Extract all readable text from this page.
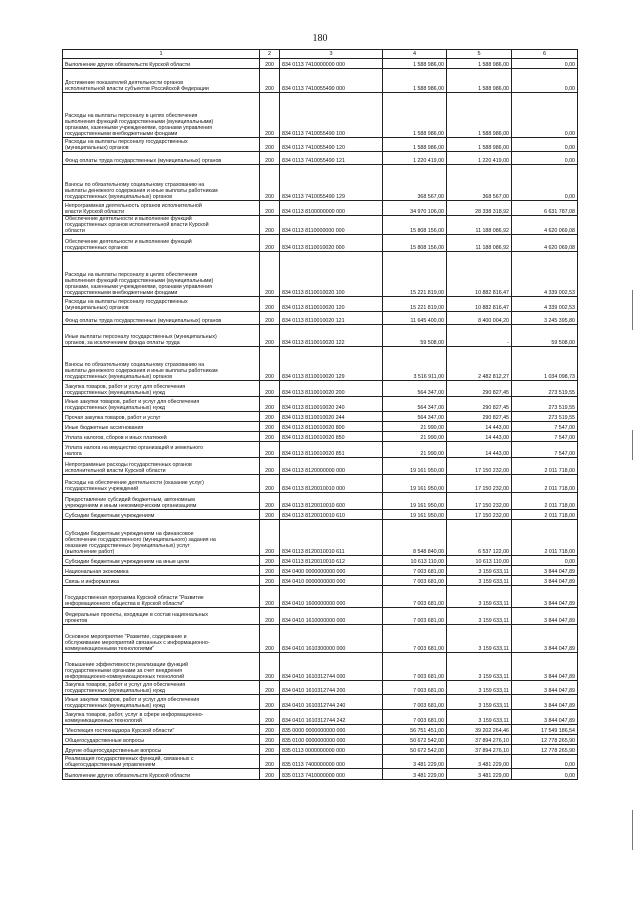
180
1	2	3	4	5	6
Выполнение других обязательств Курской области	200	834 0113 7410000000 000	1 588 986,00	1 588 986,00	0,00
Достижение показателей деятельности органов
исполнительной власти субъектов Российской Федерации	200	834 0113 7410055490 000	1 588 986,00	1 588 986,00	0,00
Расходы на выплаты персоналу в целях обеспечения
выполнения функций государственными (муниципальными)
органами, казенными учреждениями, органами управления
государственными внебюджетными фондами	200	834 0113 7410055490 100	1 588 986,00	1 588 986,00	0,00
Расходы на выплаты персоналу государственных
(муниципальных) органов	200	834 0113 7410055490 120	1 588 986,00	1 588 986,00	0,00
Фонд оплаты труда государственных (муниципальных) органов	200	834 0113 7410055490 121	1 220 419,00	1 220 419,00	0,00
Взносы по обязательному социальному страхованию на
выплаты денежного содержания и иные выплаты работникам
государственных (муниципальных) органов	200	834 0113 7410055490 129	368 567,00	368 567,00	0,00
Непрограммная деятельность органов исполнительной
власти Курской области	200	834 0113 8100000000 000	34 970 106,00	28 338 318,92	6 631 787,08
Обеспечение деятельности и выполнение функций
государственных органов исполнительной власти Курской
области	200	834 0113 8110000000 000	15 808 156,00	11 188 086,92	4 620 069,08
Обеспечение деятельности и выполнение функций
государственных органов	200	834 0113 8110010020 000	15 808 156,00	11 188 086,92	4 620 069,08
Расходы на выплаты персоналу в целях обеспечения
выполнения функций государственными (муниципальными)
органами, казенными учреждениями, органами управления
государственными внебюджетными фондами	200	834 0113 8110010020 100	15 221 819,00	10 882 816,47	4 339 002,53
Расходы на выплаты персоналу государственных
(муниципальных) органов	200	834 0113 8110010020 120	15 221 819,00	10 882 816,47	4 339 002,53
Фонд оплаты труда государственных (муниципальных) органов	200	834 0113 8110010020 121	11 645 400,00	8 400 004,20	3 245 395,80
Иные выплаты персоналу государственных (муниципальных)
органов, за исключением фонда оплаты труда	200	834 0113 8110010020 122	59 508,00	-	59 508,00
Взносы по обязательному социальному страхованию на
выплаты денежного содержания и иные выплаты работникам
государственных (муниципальных) органов	200	834 0113 8110010020 129	3 516 911,00	2 482 812,27	1 034 098,73
Закупка товаров, работ и услуг для обеспечения
государственных (муниципальных) нужд	200	834 0113 8110010020 200	564 347,00	290 827,45	273 519,55
Иные закупки товаров, работ и услуг для обеспечения
государственных (муниципальных) нужд	200	834 0113 8110010020 240	564 347,00	290 827,45	273 519,55
Прочая закупка товаров, работ и услуг	200	834 0113 8110010020 244	564 347,00	290 827,45	273 519,55
Иные бюджетные ассигнования	200	834 0113 8110010020 800	21 990,00	14 443,00	7 547,00
Уплата налогов, сборов и иных платежей	200	834 0113 8110010020 850	21 990,00	14 443,00	7 547,00
Уплата налога на имущество организаций и земельного
налога	200	834 0113 8110010020 851	21 990,00	14 443,00	7 547,00
Непрограммные расходы государственных органов
исполнительной власти Курской области	200	834 0113 8120000000 000	19 161 950,00	17 150 232,00	2 011 718,00
Расходы на обеспечение деятельности (оказание услуг)
государственных учреждений	200	834 0113 8120010010 000	19 161 950,00	17 150 232,00	2 011 718,00
Предоставление субсидий бюджетным, автономным
учреждениям и иным некоммерческим организациям	200	834 0113 8120010010 600	19 161 950,00	17 150 232,00	2 011 718,00
Субсидии бюджетным учреждениям	200	834 0113 8120010010 610	19 161 950,00	17 150 232,00	2 011 718,00
Субсидии бюджетным учреждениям на финансовое
обеспечение государственного (муниципального) задания на
оказание государственных (муниципальных) услуг
(выполнение работ)	200	834 0113 8120010010 611	8 548 840,00	6 537 122,00	2 011 718,00
Субсидии бюджетным учреждениям на иные цели	200	834 0113 8120010010 612	10 613 110,00	10 613 110,00	0,00
Национальная экономика	200	834 0400 0000000000 000	7 003 681,00	3 159 633,11	3 844 047,89
Связь и информатика	200	834 0410 0000000000 000	7 003 681,00	3 159 633,11	3 844 047,89
Государственная программа Курской области "Развитие
информационного общества в Курской области"	200	834 0410 1600000000 000	7 003 681,00	3 159 633,11	3 844 047,89
Федеральные проекты, входящие в состав национальных
проектов	200	834 0410 1610000000 000	7 003 681,00	3 159 633,11	3 844 047,89
Основное мероприятие "Развитие, содержание и
обслуживание мероприятий связанных с информационно-
коммуникационными технологиями"	200	834 0410 1610300000 000	7 003 681,00	3 159 633,11	3 844 047,89
Повышение эффективности реализации функций
государственными органами за счет внедрения
информационно-коммуникационных технологий	200	834 0410 1610312744 000	7 003 681,00	3 159 633,11	3 844 047,89
Закупка товаров, работ и услуг для обеспечения
государственных (муниципальных) нужд	200	834 0410 1610312744 200	7 003 681,00	3 159 633,11	3 844 047,89
Иные закупки товаров, работ и услуг для обеспечения
государственных (муниципальных) нужд	200	834 0410 1610312744 240	7 003 681,00	3 159 633,11	3 844 047,89
Закупка товаров, работ, услуг в сфере информационно-
коммуникационных технологий	200	834 0410 1610312744 242	7 003 681,00	3 159 633,11	3 844 047,89
"Инспекция гостехнадзора Курской области"	200	835 0000 0000000000 000	56 751 451,00	39 202 264,46	17 549 186,54
Общегосударственные вопросы	200	835 0100 0000000000 000	50 672 542,00	37 894 276,10	12 778 265,90
Другие общегосударственные вопросы	200	835 0113 0000000000 000	50 672 542,00	37 894 276,10	12 778 265,90
Реализация государственных функций, связанных с
общегосударственным управлением	200	835 0113 7400000000 000	3 481 229,00	3 481 229,00	0,00
Выполнение других обязательств Курской области	200	835 0113 7410000000 000	3 481 229,00	3 481 229,00	0,00
